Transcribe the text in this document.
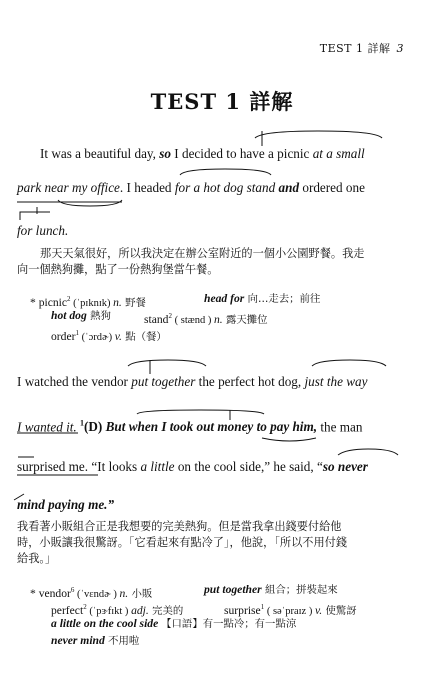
TEST 1 詳解 3
TEST 1 詳解
It was a beautiful day, so I decided to have a picnic at a small
park near my office. I headed for a hot dog stand and ordered one
for lunch.
那天天氣很好，所以我決定在辦公室附近的一個小公園野餐。我走
向一個熱狗攤，點了一份熱狗堡當午餐。
* picnic$^2$ (ˈpɪknɪk) n. 野餐	head for 向…走去；前往
hot dog 熱狗	stand$^2$ ( stænd ) n. 露天攤位
order$^1$ (ˈɔrdɚ) v. 點（餐）
I watched the vendor put together the perfect hot dog, just the way
I wanted it. $^1$(D) But when I took out money to pay him, the man
surprised me. “It looks a little on the cool side,” he said, “so never
mind paying me.”
我看著小販組合正是我想要的完美熱狗。但是當我拿出錢要付給他
時，小販讓我很驚訝。「它看起來有點冷了」，他說，「所以不用付錢
給我。」
* vendor$^6$ (ˈvɛndɚ ) n. 小販	put together 組合；拼裝起來
perfect$^2$ (ˈpɝfɪkt ) adj. 完美的	surprise$^1$ ( səˈpraɪz ) v. 使驚訝
a little on the cool side 【口語】有一點冷；有一點涼
never mind 不用啦
